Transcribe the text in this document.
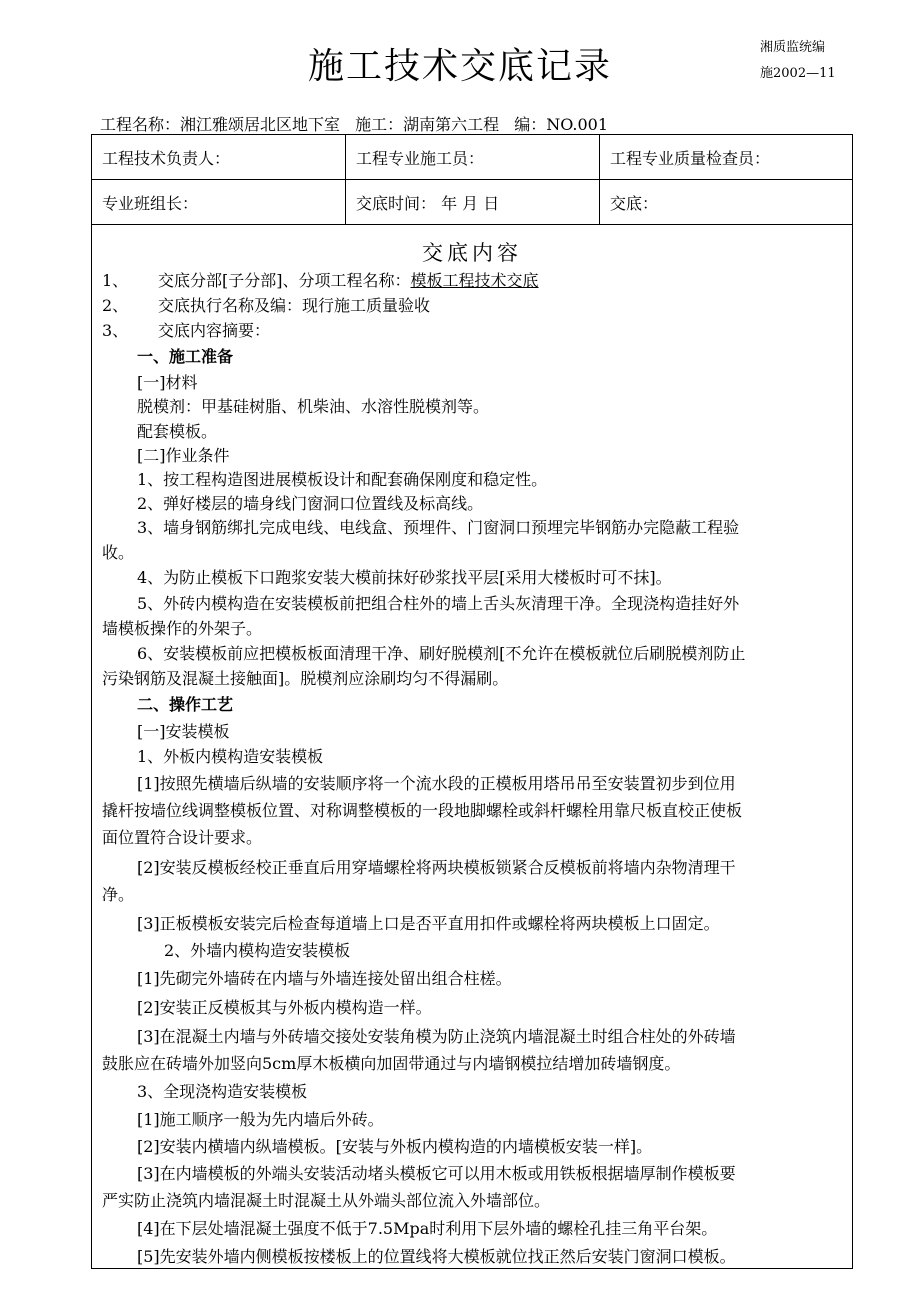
施工技术交底记录	湘质监统编
施2002—11
工程名称：湘江雅颂居北区地下室 施工：湖南第六工程 编：NO.001
工程技术负责人：	工程专业施工员：	工程专业质量检查员：
专业班组长：	交底时间： 年 月 日	交底：
交底内容
1、 交底分部[子分部]、分项工程名称：模板工程技术交底
2、 交底执行名称及编：现行施工质量验收
3、 交底内容摘要：
一、施工准备
[一]材料
脱模剂：甲基硅树脂、机柴油、水溶性脱模剂等。
配套模板。
[二]作业条件
1、按工程构造图进展模板设计和配套确保刚度和稳定性。
2、弹好楼层的墙身线门窗洞口位置线及标高线。
3、墙身钢筋绑扎完成电线、电线盒、预埋件、门窗洞口预埋完毕钢筋办完隐蔽工程验
收。
4、为防止模板下口跑浆安装大模前抹好砂浆找平层[采用大楼板时可不抹]。
5、外砖内模构造在安装模板前把组合柱外的墙上舌头灰清理干净。全现浇构造挂好外
墙模板操作的外架子。
6、安装模板前应把模板板面清理干净、刷好脱模剂[不允许在模板就位后刷脱模剂防止
污染钢筋及混凝土接触面]。脱模剂应涂刷均匀不得漏刷。
二、操作工艺
[一]安装模板
1、外板内模构造安装模板
[1]按照先横墙后纵墙的安装顺序将一个流水段的正模板用塔吊吊至安装置初步到位用
撬杆按墙位线调整模板位置、对称调整模板的一段地脚螺栓或斜杆螺栓用靠尺板直校正使板
面位置符合设计要求。
[2]安装反模板经校正垂直后用穿墙螺栓将两块模板锁紧合反模板前将墙内杂物清理干
净。
[3]正板模板安装完后检查每道墙上口是否平直用扣件或螺栓将两块模板上口固定。
2、外墙内模构造安装模板
[1]先砌完外墙砖在内墙与外墙连接处留出组合柱槎。
[2]安装正反模板其与外板内模构造一样。
[3]在混凝土内墙与外砖墙交接处安装角模为防止浇筑内墙混凝土时组合柱处的外砖墙
鼓胀应在砖墙外加竖向5cm厚木板横向加固带通过与内墙钢模拉结增加砖墙钢度。
3、全现浇构造安装模板
[1]施工顺序一般为先内墙后外砖。
[2]安装内横墙内纵墙模板。[安装与外板内模构造的内墙模板安装一样]。
[3]在内墙模板的外端头安装活动堵头模板它可以用木板或用铁板根据墙厚制作模板要
严实防止浇筑内墙混凝土时混凝土从外端头部位流入外墙部位。
[4]在下层处墙混凝土强度不低于7.5Mpa时利用下层外墙的螺栓孔挂三角平台架。
[5]先安装外墙内侧模板按楼板上的位置线将大模板就位找正然后安装门窗洞口模板。
